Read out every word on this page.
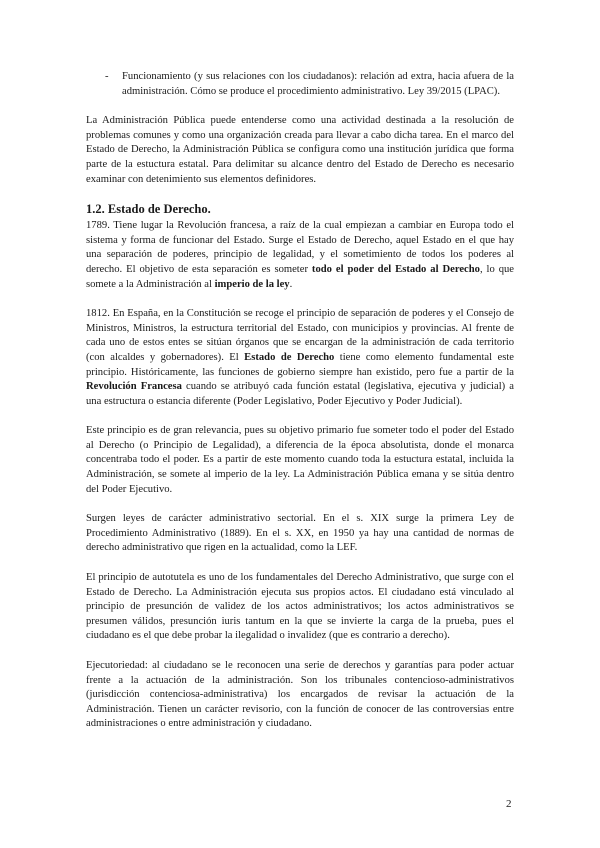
- Funcionamiento (y sus relaciones con los ciudadanos): relación ad extra, hacia afuera de la administración. Cómo se produce el procedimiento administrativo. Ley 39/2015 (LPAC).

La Administración Pública puede entenderse como una actividad destinada a la resolución de problemas comunes y como una organización creada para llevar a cabo dicha tarea. En el marco del Estado de Derecho, la Administración Pública se configura como una institución jurídica que forma parte de la estuctura estatal. Para delimitar su alcance dentro del Estado de Derecho es necesario examinar con detenimiento sus elementos definidores.

1.2. Estado de Derecho.

1789. Tiene lugar la Revolución francesa, a raíz de la cual empiezan a cambiar en Europa todo el sistema y forma de funcionar del Estado. Surge el Estado de Derecho, aquel Estado en el que hay una separación de poderes, principio de legalidad, y el sometimiento de todos los poderes al derecho. El objetivo de esta separación es someter todo el poder del Estado al Derecho, lo que somete a la Administración al imperio de la ley.

1812. En España, en la Constitución se recoge el principio de separación de poderes y el Consejo de Ministros, Ministros, la estructura territorial del Estado, con municipios y provincias. Al frente de cada uno de estos entes se sitúan órganos que se encargan de la administración de cada territorio (con alcaldes y gobernadores). El Estado de Derecho tiene como elemento fundamental este principio. Históricamente, las funciones de gobierno siempre han existido, pero fue a partir de la Revolución Francesa cuando se atribuyó cada función estatal (legislativa, ejecutiva y judicial) a una estructura o estancia diferente (Poder Legislativo, Poder Ejecutivo y Poder Judicial).

Este principio es de gran relevancia, pues su objetivo primario fue someter todo el poder del Estado al Derecho (o Principio de Legalidad), a diferencia de la época absolutista, donde el monarca concentraba todo el poder. Es a partir de este momento cuando toda la estuctura estatal, incluida la Administración, se somete al imperio de la ley. La Administración Pública emana y se sitúa dentro del Poder Ejecutivo.

Surgen leyes de carácter administrativo sectorial. En el s. XIX surge la primera Ley de Procedimiento Administrativo (1889). En el s. XX, en 1950 ya hay una cantidad de normas de derecho administrativo que rigen en la actualidad, como la LEF.

El principio de autotutela es uno de los fundamentales del Derecho Administrativo, que surge con el Estado de Derecho. La Administración ejecuta sus propios actos. El ciudadano está vinculado al principio de presunción de validez de los actos administrativos; los actos administrativos se presumen válidos, presunción iuris tantum en la que se invierte la carga de la prueba, pues el ciudadano es el que debe probar la ilegalidad o invalidez (que es contrario a derecho).

Ejecutoriedad: al ciudadano se le reconocen una serie de derechos y garantías para poder actuar frente a la actuación de la administración. Son los tribunales contencioso-administrativos (jurisdicción contenciosa-administrativa) los encargados de revisar la actuación de la Administración. Tienen un carácter revisorio, con la función de conocer de las controversias entre administraciones o entre administración y ciudadano.

2
